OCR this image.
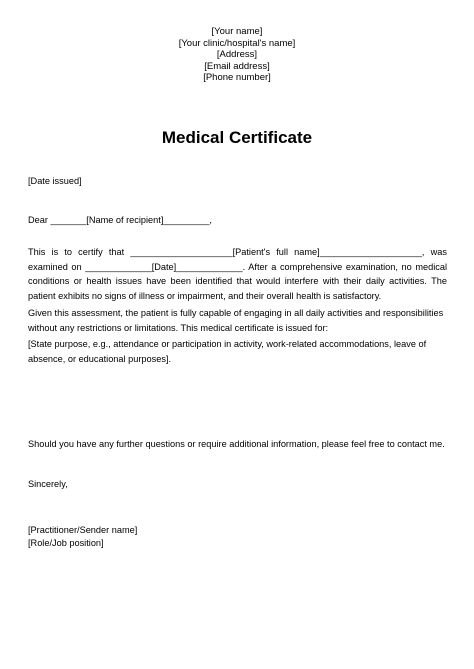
[Your name]
[Your clinic/hospital's name]
[Address]
[Email address]
[Phone number]
Medical Certificate

[Date issued]

Dear _______[Name of recipient]_________,

This is to certify that ____________________[Patient's full name]____________________, was examined on _____________[Date]_____________. After a comprehensive examination, no medical conditions or health issues have been identified that would interfere with their daily activities. The patient exhibits no signs of illness or impairment, and their overall health is satisfactory.

Given this assessment, the patient is fully capable of engaging in all daily activities and responsibilities without any restrictions or limitations. This medical certificate is issued for:

[State purpose, e.g., attendance or participation in activity, work-related accommodations, leave of absence, or educational purposes].

Should you have any further questions or require additional information, please feel free to contact me.

Sincerely,

[Practitioner/Sender name]

[Role/Job position]
